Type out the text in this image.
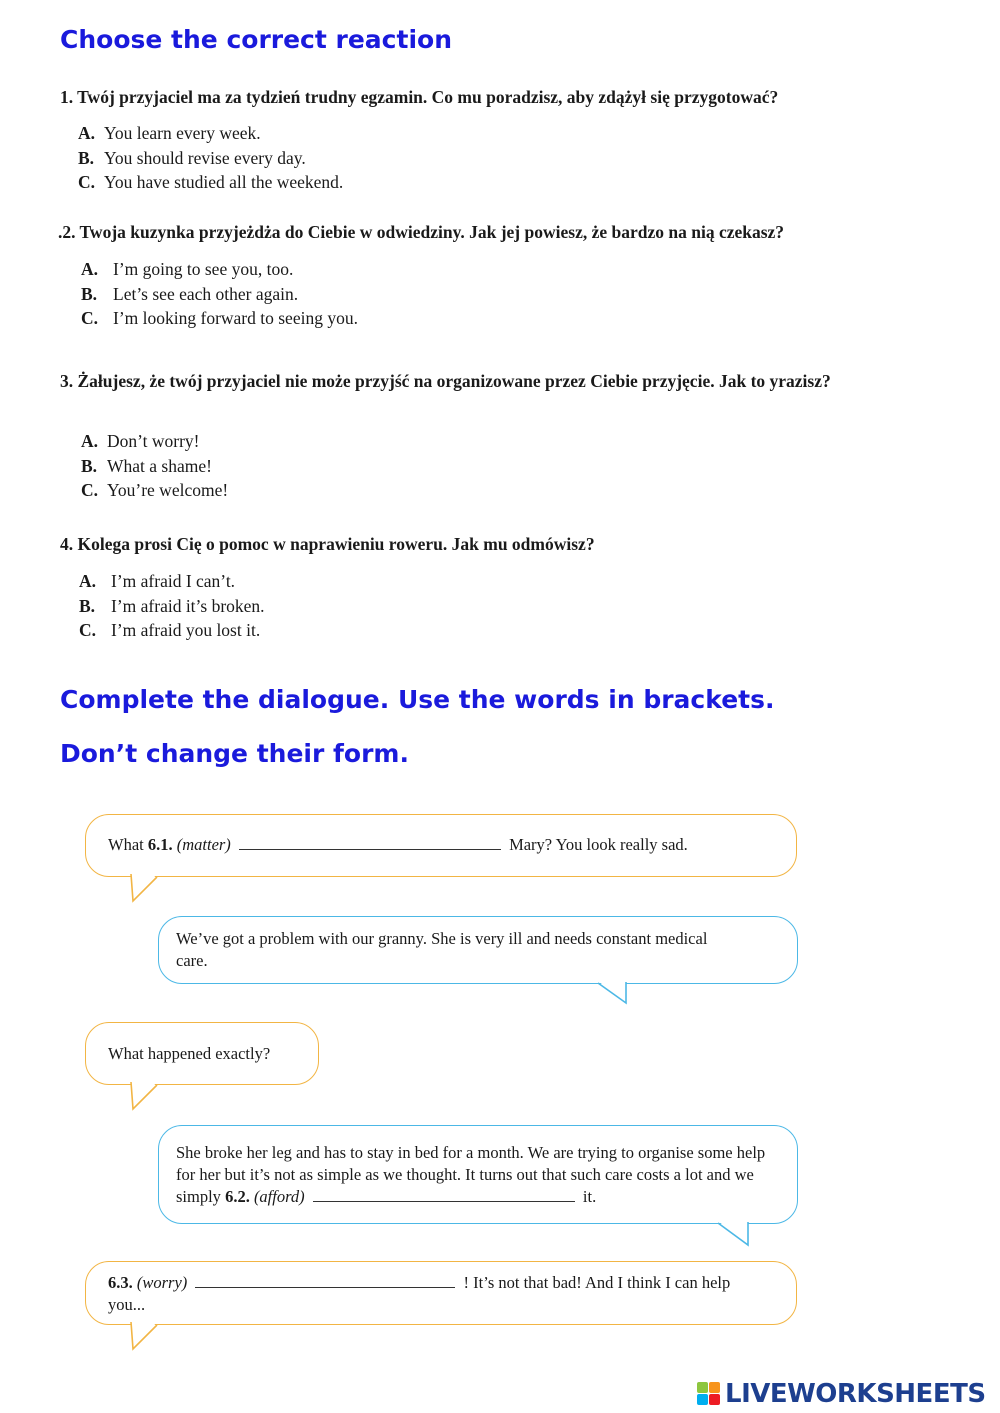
Choose the correct reaction

1. Twój przyjaciel ma za tydzień trudny egzamin. Co mu poradzisz, aby zdążył się przygotować?

A. You learn every week.
B. You should revise every day.
C. You have studied all the weekend.

.2. Twoja kuzynka przyjeżdża do Ciebie w odwiedziny. Jak jej powiesz, że bardzo na nią czekasz?

A. I’m going to see you, too.
B. Let’s see each other again.
C. I’m looking forward to seeing you.

3. Żałujesz, że twój przyjaciel nie może przyjść na organizowane przez Ciebie przyjęcie. Jak to yrazisz?

A. Don’t worry!
B. What a shame!
C. You’re welcome!

4. Kolega prosi Cię o pomoc w naprawieniu roweru. Jak mu odmówisz?

A. I’m afraid I can’t.
B. I’m afraid it’s broken.
C. I’m afraid you lost it.
Complete the dialogue. Use the words in brackets.
Don’t change their form.
What 6.1. (matter)	Mary? You look really sad.
We’ve got a problem with our granny. She is very ill and needs constant medical care.
What happened exactly?
She broke her leg and has to stay in bed for a month. We are trying to organise some help for her but it’s not as simple as we thought. It turns out that such care costs a lot and we simply 6.2. (afford)	it.
6.3. (worry)	! It’s not that bad! And I think I can help you...
LIVEWORKSHEETS
